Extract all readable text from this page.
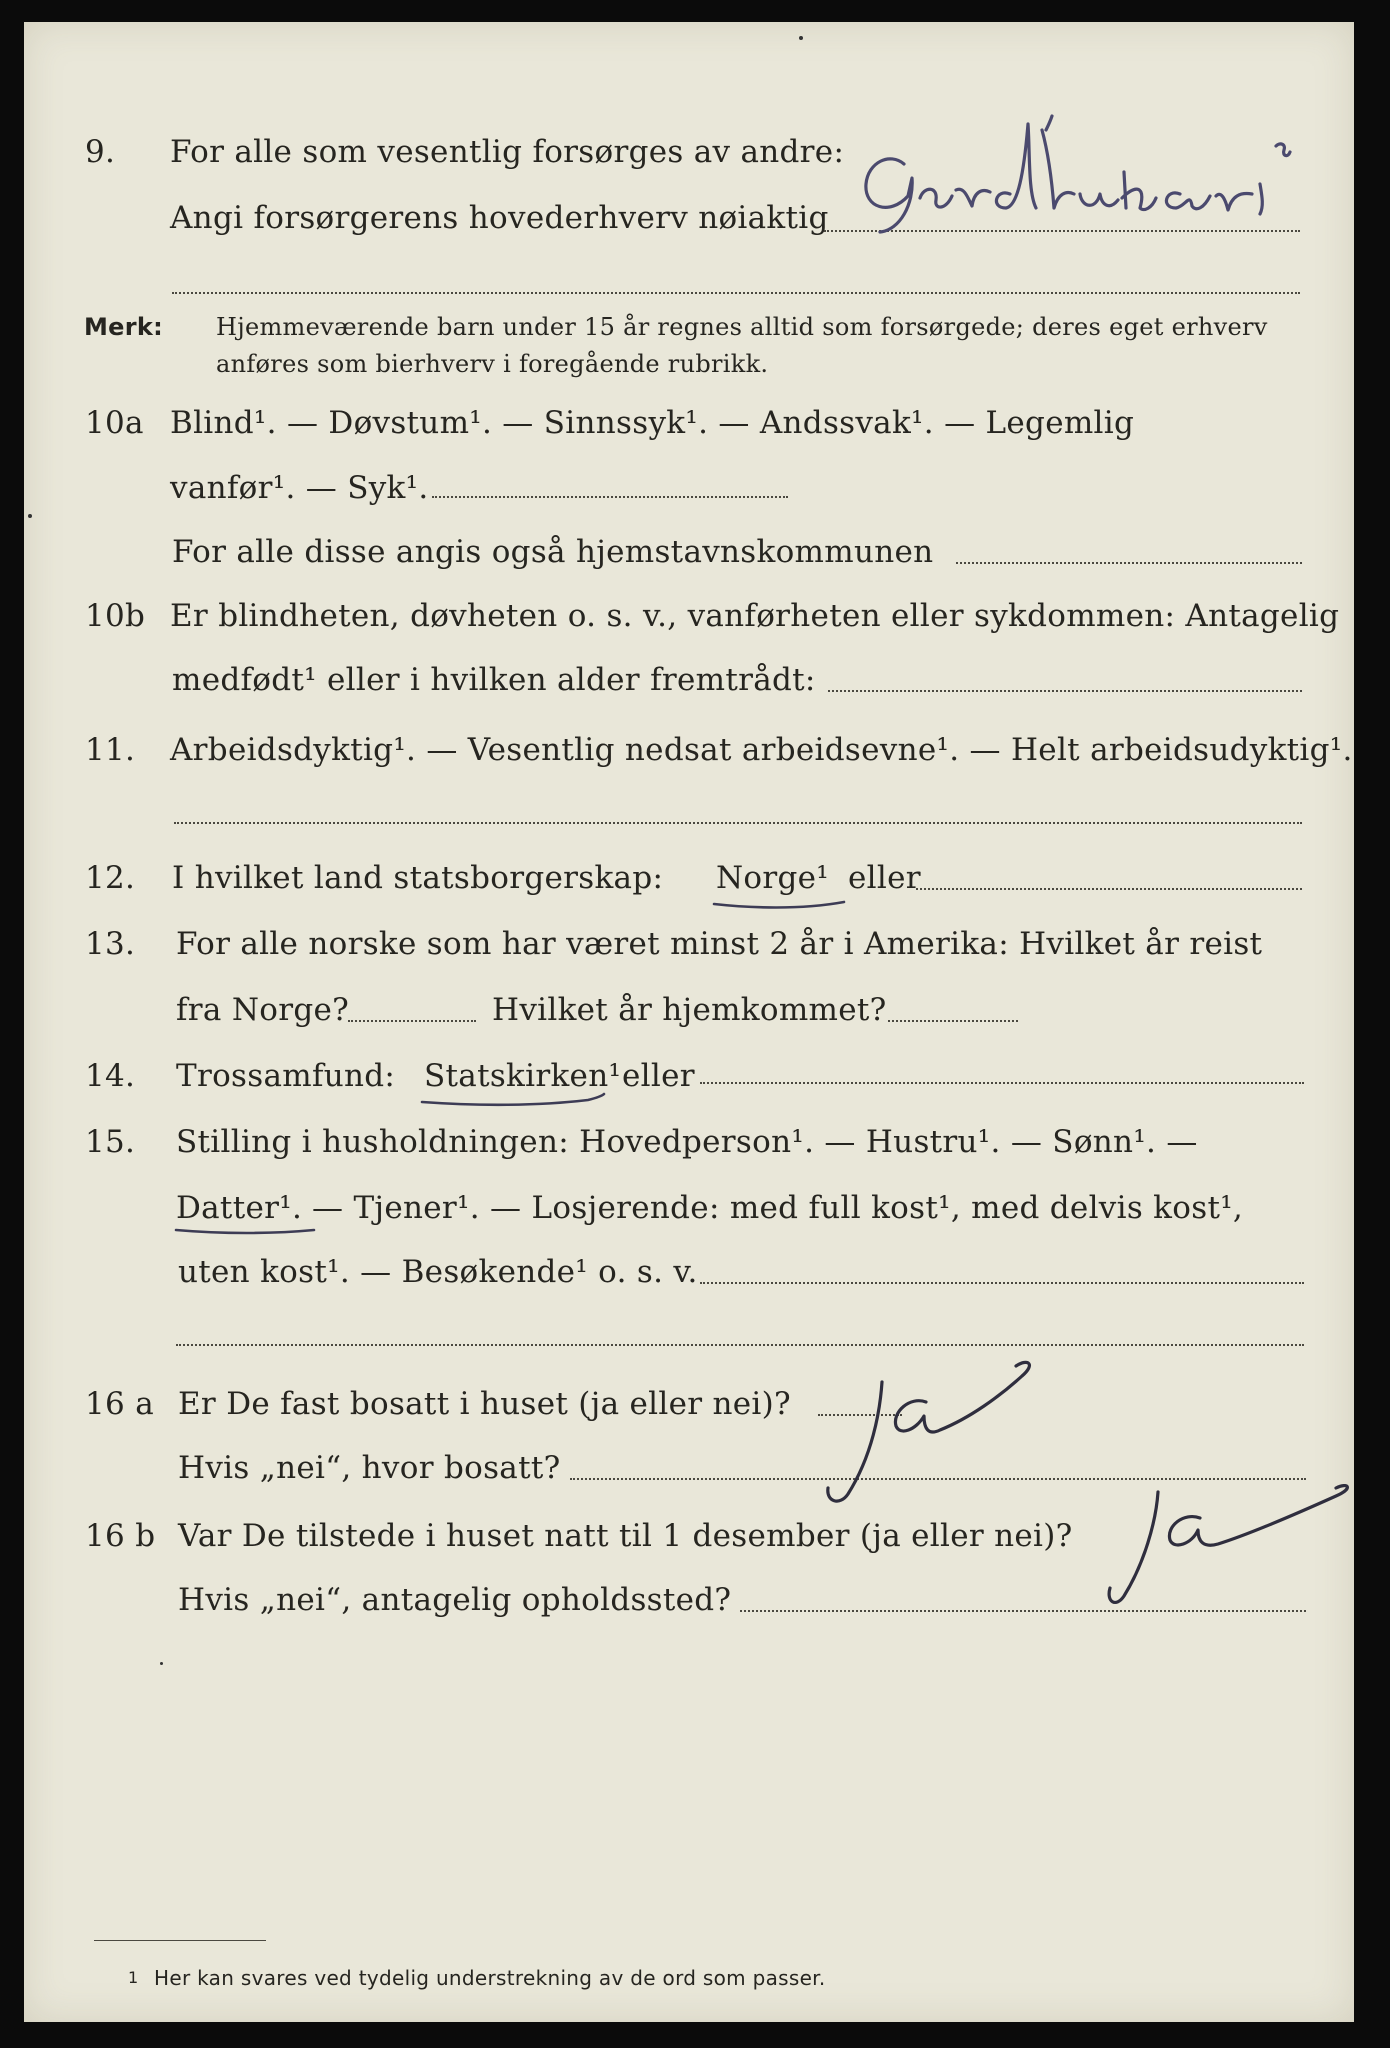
9. For alle som vesentlig forsørges av andre:
Angi forsørgerens hovederhverv nøiaktig
Merk: Hjemmeværende barn under 15 år regnes alltid som forsørgede; deres eget erhverv
anføres som bierhverv i foregående rubrikk.
10a Blind¹. — Døvstum¹. — Sinnssyk¹. — Andssvak¹. — Legemlig
vanfør¹. — Syk¹.
For alle disse angis også hjemstavnskommunen
10b Er blindheten, døvheten o. s. v., vanførheten eller sykdommen: Antagelig
medfødt¹ eller i hvilken alder fremtrådt:
11. Arbeidsdyktig¹. — Vesentlig nedsat arbeidsevne¹. — Helt arbeidsudyktig¹.
12. I hvilket land statsborgerskap: Norge¹ eller
13. For alle norske som har været minst 2 år i Amerika: Hvilket år reist
fra Norge?	Hvilket år hjemkommet?
14. Trossamfund: Statskirken¹ eller
15. Stilling i husholdningen: Hovedperson¹. — Hustru¹. — Sønn¹. —
Datter¹. — Tjener¹. — Losjerende: med full kost¹, med delvis kost¹,
uten kost¹. — Besøkende¹ o. s. v.
16 a Er De fast bosatt i huset (ja eller nei)?
Hvis „nei“, hvor bosatt?
16 b Var De tilstede i huset natt til 1 desember (ja eller nei)?
Hvis „nei“, antagelig opholdssted?
1 Her kan svares ved tydelig understrekning av de ord som passer.
